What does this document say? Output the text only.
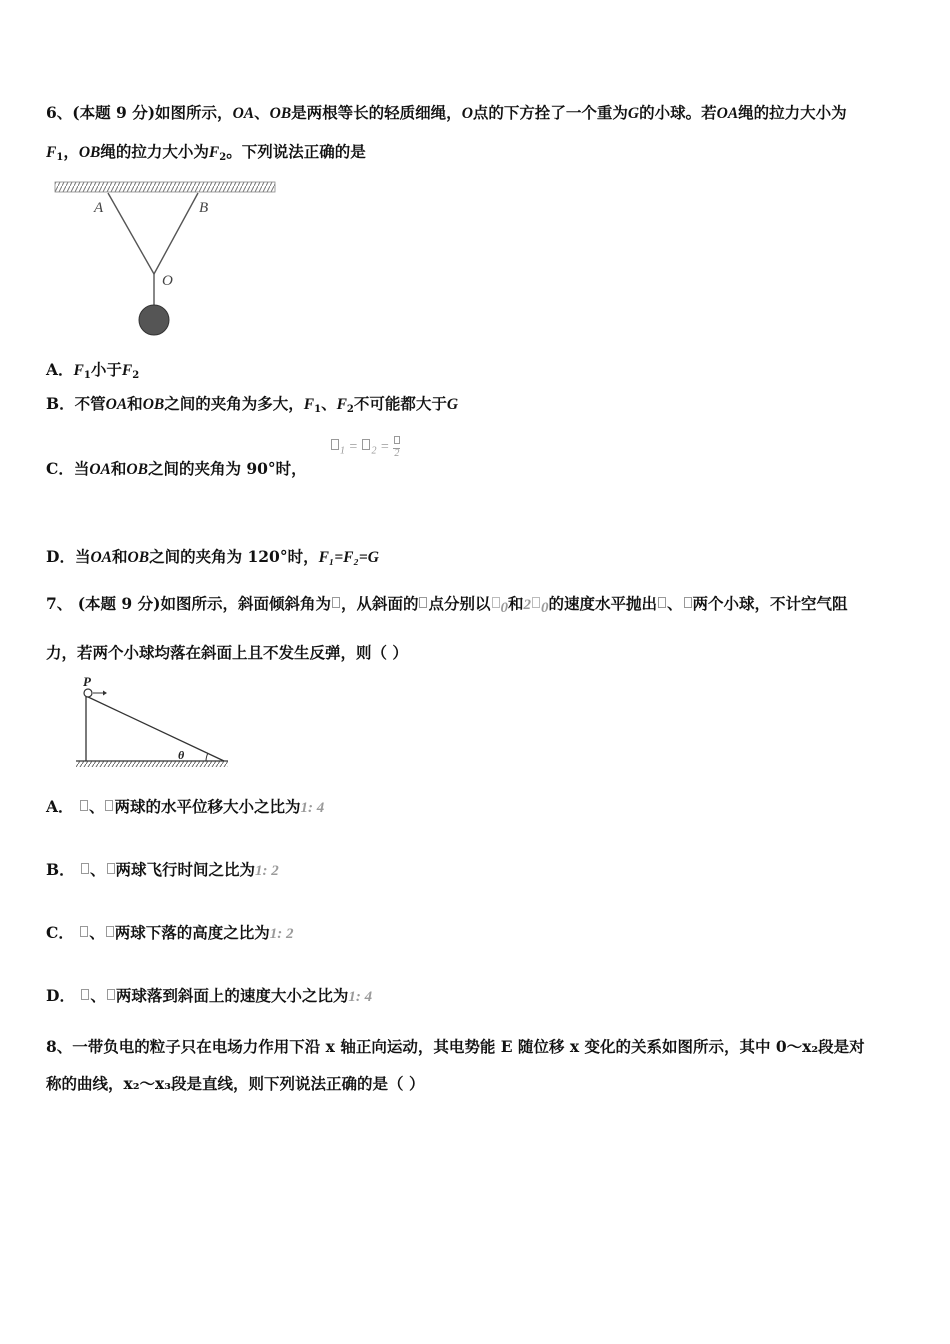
6、(本题 9 分)如图所示，OA、OB是两根等长的轻质细绳，O点的下方拴了一个重为G的小球。若OA绳的拉力大小为
$F_1$，OB绳的拉力大小为$F_2$。下列说法正确的是
A	B
O
A．$F_1$小于$F_2$
B．不管OA和OB之间的夹角为多大，$F_1$、$F_2$不可能都大于G
C．当OA和OB之间的夹角为 90°时，
$_1$ = $_2$ = 2
D．当OA和OB之间的夹角为 120°时，F₁=F₂=G
7、 (本题 9 分)如图所示，斜面倾斜角为 ，从斜面的 点分别以 0和2 0的速度水平抛出 、 两个小球，不计空气阻
力，若两个小球均落在斜面上且不发生反弹，则（ ）
P
θ
A． 、 两球的水平位移大小之比为1: 4
B． 、 两球飞行时间之比为1: 2
C． 、 两球下落的高度之比为1: 2
D． 、 两球落到斜面上的速度大小之比为1: 4
8、一带负电的粒子只在电场力作用下沿 x 轴正向运动，其电势能 E 随位移 x 变化的关系如图所示，其中 0～x₂段是对
称的曲线，x₂～x₃段是直线，则下列说法正确的是（ ）
